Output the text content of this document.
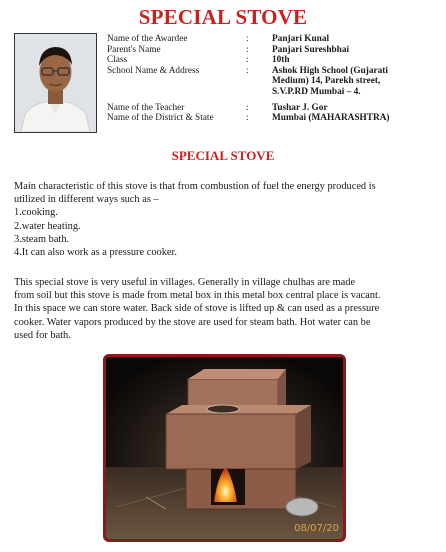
SPECIAL STOVE
Name of the Awardee	:	Panjari Kunal
Parent's Name	:	Panjari Sureshbhai
Class	:	10th
School Name & Address	:	Ashok High School (Gujarati
Medium) 14, Parekh street,
S.V.P.RD Mumbai – 4.
Name of the Teacher	:	Tushar J. Gor
Name of the District & State	:	Mumbai (MAHARASHTRA)
SPECIAL STOVE
Main characteristic of this stove is that from combustion of fuel the energy produced is
utilized in different ways such as –
1.cooking.
2.water heating.
3.steam bath.
4.It can also work as a pressure cooker.
This special stove is very useful in villages. Generally in village chulhas are made
from soil but this stove is made from metal box in this metal box central place is vacant.
In this space we can store water. Back side of stove is lifted up & can used as a pressure
cooker. Water vapors produced by the stove are used for steam bath. Hot water can be
used for bath.
08/07/20
